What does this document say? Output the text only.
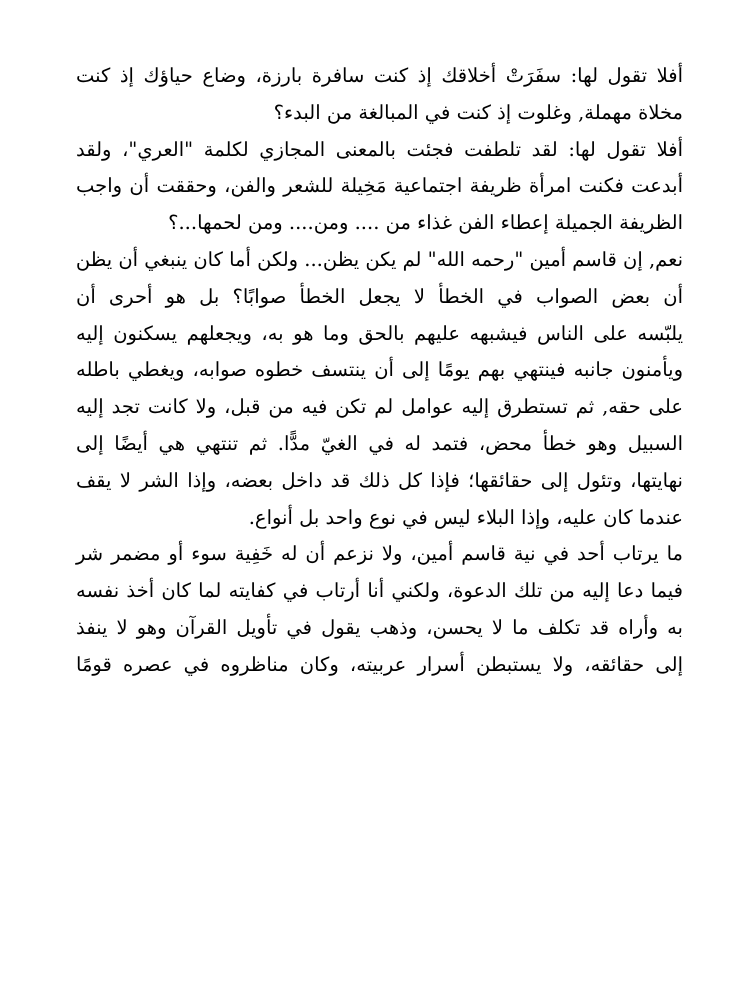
أفلا تقول لها: سفَرَتْ أخلاقك إذ كنت سافرة بارزة، وضاع حياؤك إذ كنت
مخلاة مهملة, وغلوت إذ كنت في المبالغة من البدء؟
أفلا تقول لها: لقد تلطفت فجئت بالمعنى المجازي لكلمة "العري"، ولقد
أبدعت فكنت امرأة ظريفة اجتماعية مَخِيلة للشعر والفن، وحققت أن واجب
الظريفة الجميلة إعطاء الفن غذاء من .... ومن.... ومن لحمها...؟
نعم, إن قاسم أمين "رحمه الله" لم يكن يظن... ولكن أما كان ينبغي أن يظن
أن بعض الصواب في الخطأ لا يجعل الخطأ صوابًا؟ بل هو أحرى أن
يلبّسه على الناس فيشبهه عليهم بالحق وما هو به، ويجعلهم يسكنون إليه
ويأمنون جانبه فينتهي بهم يومًا إلى أن ينتسف خطوه صوابه، ويغطي باطله
على حقه, ثم تستطرق إليه عوامل لم تكن فيه من قبل، ولا كانت تجد إليه
السبيل وهو خطأ محض، فتمد له في الغيّ مدًّا. ثم تنتهي هي أيضًا إلى
نهايتها، وتئول إلى حقائقها؛ فإذا كل ذلك قد داخل بعضه، وإذا الشر لا يقف
عندما كان عليه، وإذا البلاء ليس في نوع واحد بل أنواع.
ما يرتاب أحد في نية قاسم أمين، ولا نزعم أن له خَفِية سوء أو مضمر شر
فيما دعا إليه من تلك الدعوة، ولكني أنا أرتاب في كفايته لما كان أخذ نفسه
به وأراه قد تكلف ما لا يحسن، وذهب يقول في تأويل القرآن وهو لا ينفذ
إلى حقائقه، ولا يستبطن أسرار عربيته، وكان مناظروه في عصره قومًا
